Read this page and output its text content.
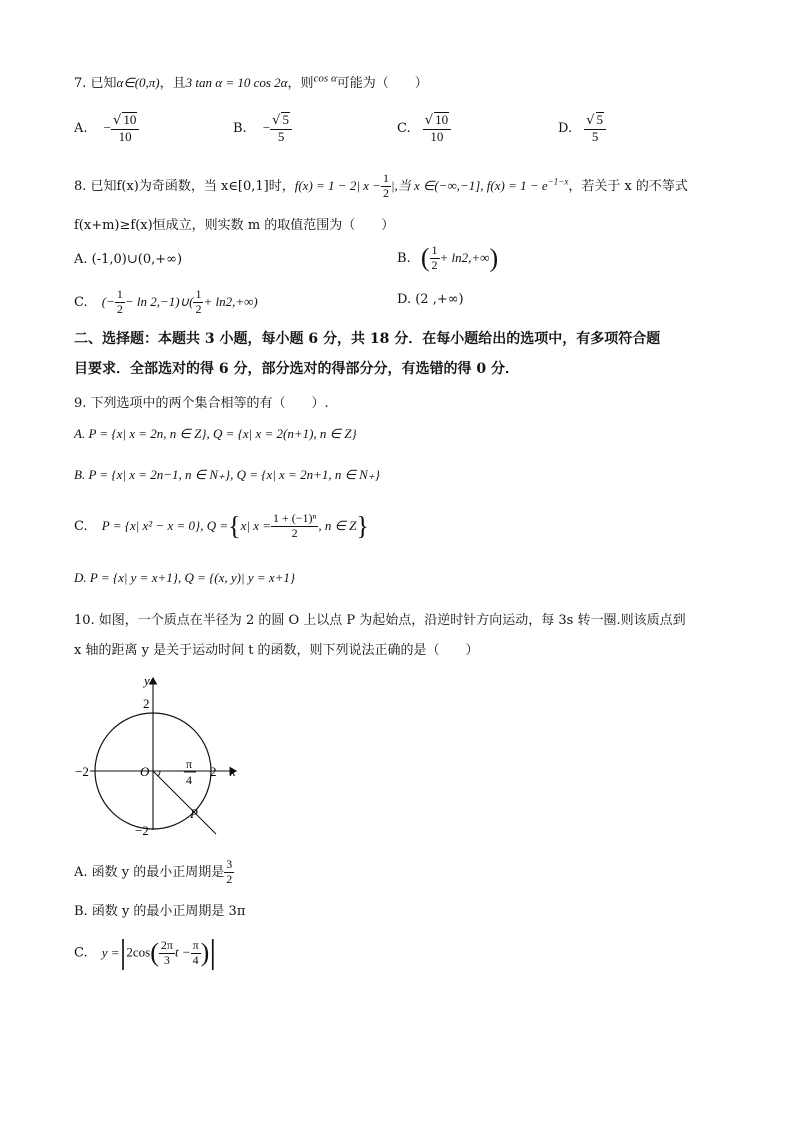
7. 已知α∈(0,π)，且3 tan α = 10 cos 2α，则$^{cos \alpha}$可能为（　　）
A. − $\frac{√ 10}{10}$	B. − $\frac{√ 5}{5}$	C. $\frac{√ 10}{10}$	D. $\frac{√ 5}{5}$
8. 已知f(x)为奇函数，当 x∈[0,1]时，f(x) = 1 − 2| $x - \frac{1}{2}$ |,当 x ∈(−∞,−1], $f(x) = 1 - e^{-1-x}$，若关于 x 的不等式
f(x+m)≥f(x)恒成立，则实数 m 的取值范围为（　　）
A. (-1,0)∪(0,+∞)	B. ( $\frac{1}{2} + \ln 2,+\infty$)
C. (− $\frac{1}{2} - \ln$ 2,−1)∪( $\frac{1}{2} + \ln 2,+\infty$)	D. (2 ,+∞)
二、选择题：本题共 3 小题，每小题 6 分，共 18 分．在每小题给出的选项中，有多项符合题
目要求．全部选对的得 6 分，部分选对的得部分分，有选错的得 0 分．
9. 下列选项中的两个集合相等的有（　　）.
A. P = {x| x = 2n, n ∈ Z}, Q = {x| x = 2(n+1), n ∈ Z}
B. P = {x| x = 2n−1, n ∈ N₊}, Q = {x| x = 2n+1, n ∈ N₊}
C. P = {x| x² − x = 0}, Q ={x| $x = \frac{\text{1 + (−1)ⁿ}}{2}$ , n ∈ Z}
D. P = {x| y = x+1}, Q = {(x, y)| y = x+1}
10. 如图，一个质点在半径为 2 的圆 O 上以点 P 为起始点，沿逆时针方向运动，每 3s 转一圈.则该质点到
x 轴的距离 y 是关于运动时间 t 的函数，则下列说法正确的是（　　）
y
x
O
2
−2
−2	2
− π
4
P
A. 函数 y 的最小正周期是 $\frac{3}{2}$
B. 函数 y 的最小正周期是 3π
C. $y =|2\cos( \frac{2\pi}{3}$ $t - \frac{\pi}{4}$ )|
